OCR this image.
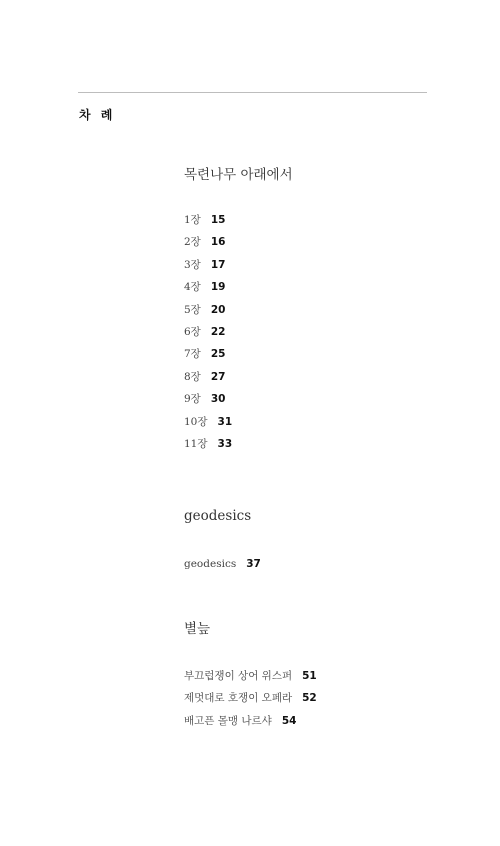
차 례
목련나무 아래에서
1장 15
2장 16
3장 17
4장 19
5장 20
6장 22
7장 25
8장 27
9장 30
10장 31
11장 33
geodesics
geodesics 37
별늪
부끄럽쟁이 상어 위스퍼 51
제멋대로 호쟁이 오페라 52
배고픈 몰맹 나르샤 54
